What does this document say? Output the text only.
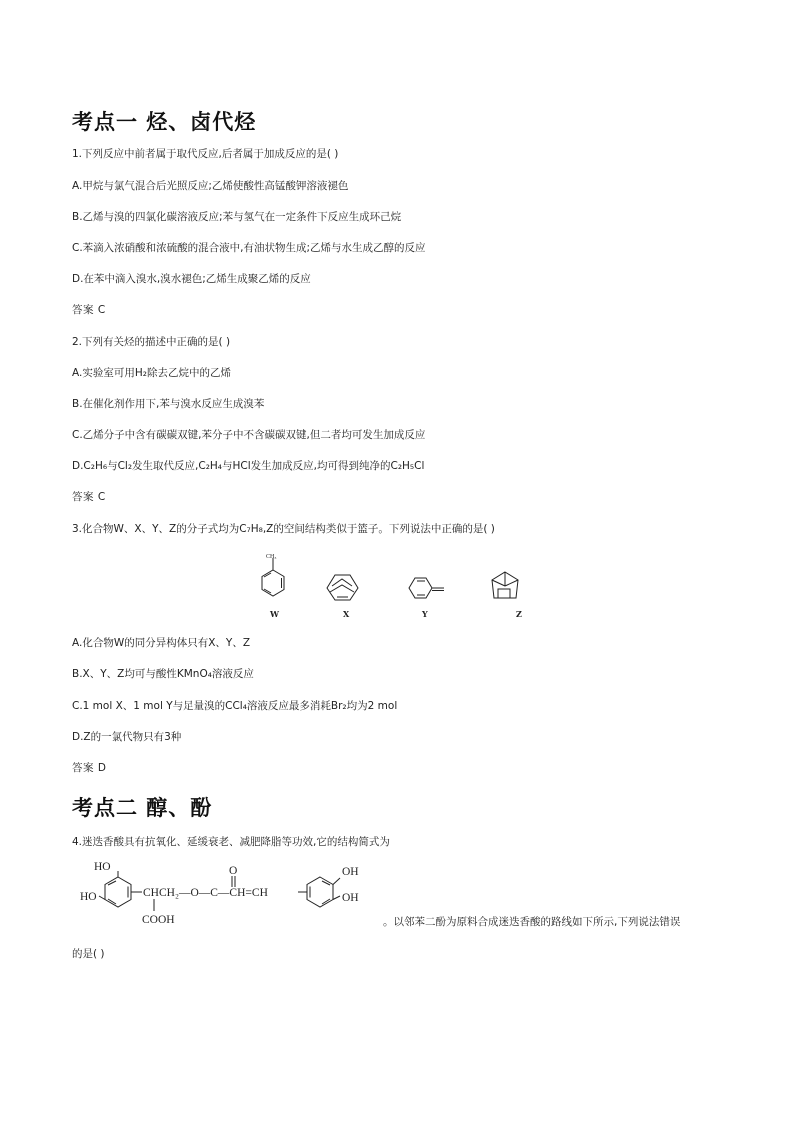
考点一 烃、卤代烃
1.下列反应中前者属于取代反应,后者属于加成反应的是( )
A.甲烷与氯气混合后光照反应;乙烯使酸性高锰酸钾溶液褪色
B.乙烯与溴的四氯化碳溶液反应;苯与氢气在一定条件下反应生成环己烷
C.苯滴入浓硝酸和浓硫酸的混合液中,有油状物生成;乙烯与水生成乙醇的反应
D.在苯中滴入溴水,溴水褪色;乙烯生成聚乙烯的反应
答案 C
2.下列有关烃的描述中正确的是( )
A.实验室可用H₂除去乙烷中的乙烯
B.在催化剂作用下,苯与溴水反应生成溴苯
C.乙烯分子中含有碳碳双键,苯分子中不含碳碳双键,但二者均可发生加成反应
D.C₂H₆与Cl₂发生取代反应,C₂H₄与HCl发生加成反应,均可得到纯净的C₂H₅Cl
答案 C
3.化合物W、X、Y、Z的分子式均为C₇H₈,Z的空间结构类似于篮子。下列说法中正确的是( )
CH₃
W	X	Y	Z
A.化合物W的同分异构体只有X、Y、Z
B.X、Y、Z均可与酸性KMnO₄溶液反应
C.1 mol X、1 mol Y与足量溴的CCl₄溶液反应最多消耗Br₂均为2 mol
D.Z的一氯代物只有3种
答案 D
考点二 醇、酚
4.迷迭香酸具有抗氧化、延缓衰老、减肥降脂等功效,它的结构简式为
HO
HO	CHCH₂—O—C—CH=CH
O
COOH
OH
OH
。以邻苯二酚为原料合成迷迭香酸的路线如下所示,下列说法错误
的是( )
